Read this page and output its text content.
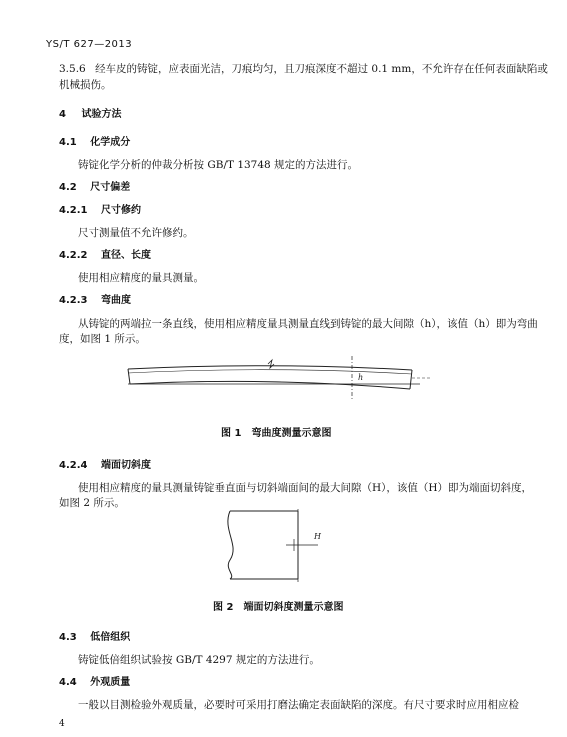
YS/T 627—2013
3.5.6 经车皮的铸锭，应表面光洁，刀痕均匀，且刀痕深度不超过 0.1 mm，不允许存在任何表面缺陷或
机械损伤。
4 试验方法
4.1 化学成分
铸锭化学分析的仲裁分析按 GB/T 13748 规定的方法进行。
4.2 尺寸偏差
4.2.1 尺寸修约
尺寸测量值不允许修约。
4.2.2 直径、长度
使用相应精度的量具测量。
4.2.3 弯曲度
从铸锭的两端拉一条直线，使用相应精度量具测量直线到铸锭的最大间隙（h），该值（h）即为弯曲
度，如图 1 所示。
h
图 1　弯曲度测量示意图
4.2.4 端面切斜度
使用相应精度的量具测量铸锭垂直面与切斜端面间的最大间隙（H），该值（H）即为端面切斜度，
如图 2 所示。
H
图 2　端面切斜度测量示意图
4.3 低倍组织
铸锭低倍组织试验按 GB/T 4297 规定的方法进行。
4.4 外观质量
一般以目测检验外观质量，必要时可采用打磨法确定表面缺陷的深度。有尺寸要求时应用相应检
4
